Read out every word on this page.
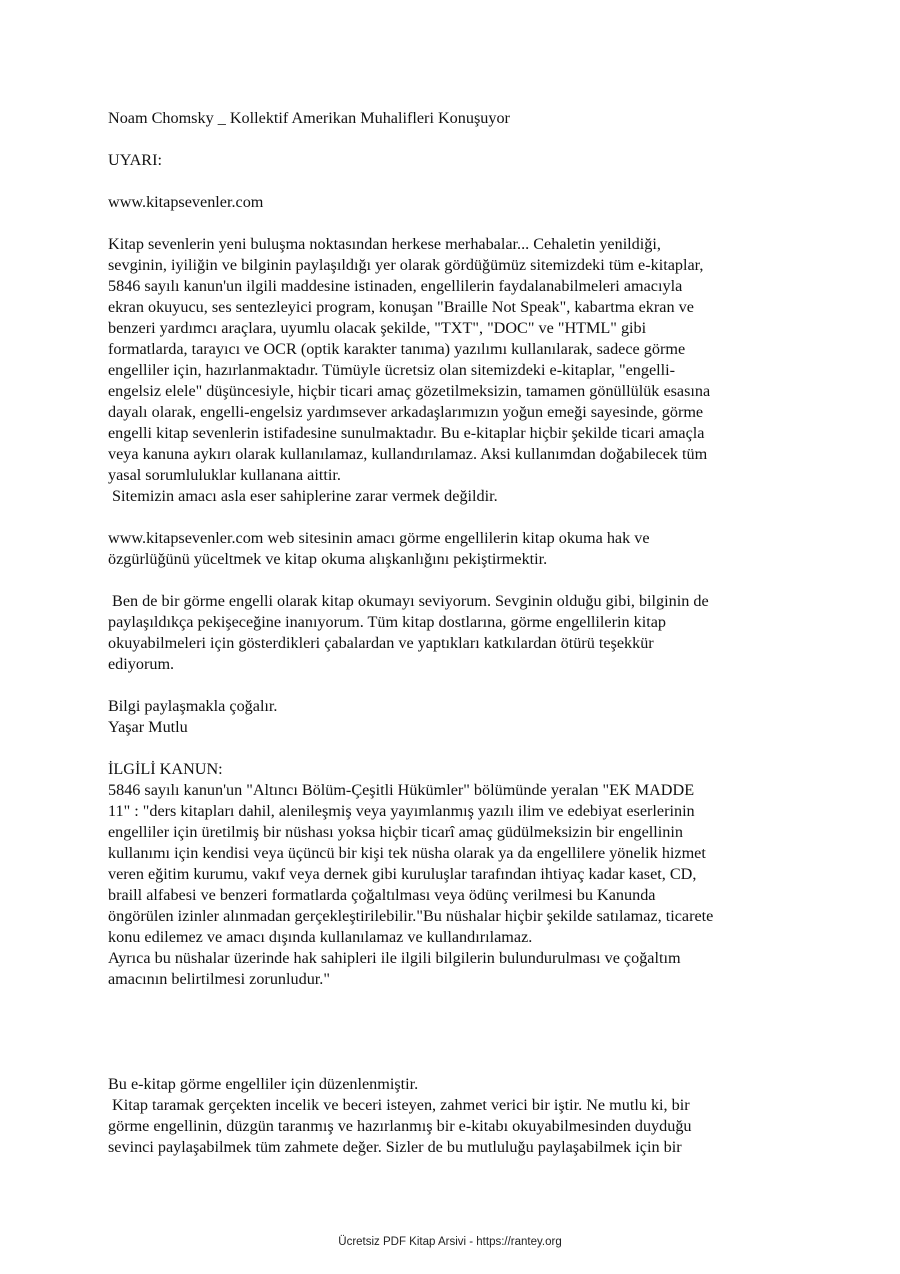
Noam Chomsky _ Kollektif Amerikan Muhalifleri Konuşuyor

UYARI:

www.kitapsevenler.com

Kitap sevenlerin yeni buluşma noktasından herkese merhabalar... Cehaletin yenildiği,
sevginin, iyiliğin ve bilginin paylaşıldığı yer olarak gördüğümüz sitemizdeki tüm e-kitaplar,
5846 sayılı kanun'un ilgili maddesine istinaden, engellilerin faydalanabilmeleri amacıyla
ekran okuyucu, ses sentezleyici program, konuşan "Braille Not Speak", kabartma ekran ve
benzeri yardımcı araçlara, uyumlu olacak şekilde, "TXT", "DOC" ve "HTML" gibi
formatlarda, tarayıcı ve OCR (optik karakter tanıma) yazılımı kullanılarak, sadece görme
engelliler için, hazırlanmaktadır. Tümüyle ücretsiz olan sitemizdeki e-kitaplar, "engelli-
engelsiz elele" düşüncesiyle, hiçbir ticari amaç gözetilmeksizin, tamamen gönüllülük esasına
dayalı olarak, engelli-engelsiz yardımsever arkadaşlarımızın yoğun emeği sayesinde, görme
engelli kitap sevenlerin istifadesine sunulmaktadır. Bu e-kitaplar hiçbir şekilde ticari amaçla
veya kanuna aykırı olarak kullanılamaz, kullandırılamaz. Aksi kullanımdan doğabilecek tüm
yasal sorumluluklar kullanana aittir.
Sitemizin amacı asla eser sahiplerine zarar vermek değildir.

www.kitapsevenler.com web sitesinin amacı görme engellilerin kitap okuma hak ve
özgürlüğünü yüceltmek ve kitap okuma alışkanlığını pekiştirmektir.

Ben de bir görme engelli olarak kitap okumayı seviyorum. Sevginin olduğu gibi, bilginin de
paylaşıldıkça pekişeceğine inanıyorum. Tüm kitap dostlarına, görme engellilerin kitap
okuyabilmeleri için gösterdikleri çabalardan ve yaptıkları katkılardan ötürü teşekkür
ediyorum.

Bilgi paylaşmakla çoğalır.
Yaşar Mutlu

İLGİLİ KANUN:
5846 sayılı kanun'un "Altıncı Bölüm-Çeşitli Hükümler" bölümünde yeralan "EK MADDE
11" : "ders kitapları dahil, alenileşmiş veya yayımlanmış yazılı ilim ve edebiyat eserlerinin
engelliler için üretilmiş bir nüshası yoksa hiçbir ticarî amaç güdülmeksizin bir engellinin
kullanımı için kendisi veya üçüncü bir kişi tek nüsha olarak ya da engellilere yönelik hizmet
veren eğitim kurumu, vakıf veya dernek gibi kuruluşlar tarafından ihtiyaç kadar kaset, CD,
braill alfabesi ve benzeri formatlarda çoğaltılması veya ödünç verilmesi bu Kanunda
öngörülen izinler alınmadan gerçekleştirilebilir."Bu nüshalar hiçbir şekilde satılamaz, ticarete
konu edilemez ve amacı dışında kullanılamaz ve kullandırılamaz.
Ayrıca bu nüshalar üzerinde hak sahipleri ile ilgili bilgilerin bulundurulması ve çoğaltım
amacının belirtilmesi zorunludur."

Bu e-kitap görme engelliler için düzenlenmiştir.
Kitap taramak gerçekten incelik ve beceri isteyen, zahmet verici bir iştir. Ne mutlu ki, bir
görme engellinin, düzgün taranmış ve hazırlanmış bir e-kitabı okuyabilmesinden duyduğu
sevinci paylaşabilmek tüm zahmete değer. Sizler de bu mutluluğu paylaşabilmek için bir

Ücretsiz PDF Kitap Arsivi - https://rantey.org
